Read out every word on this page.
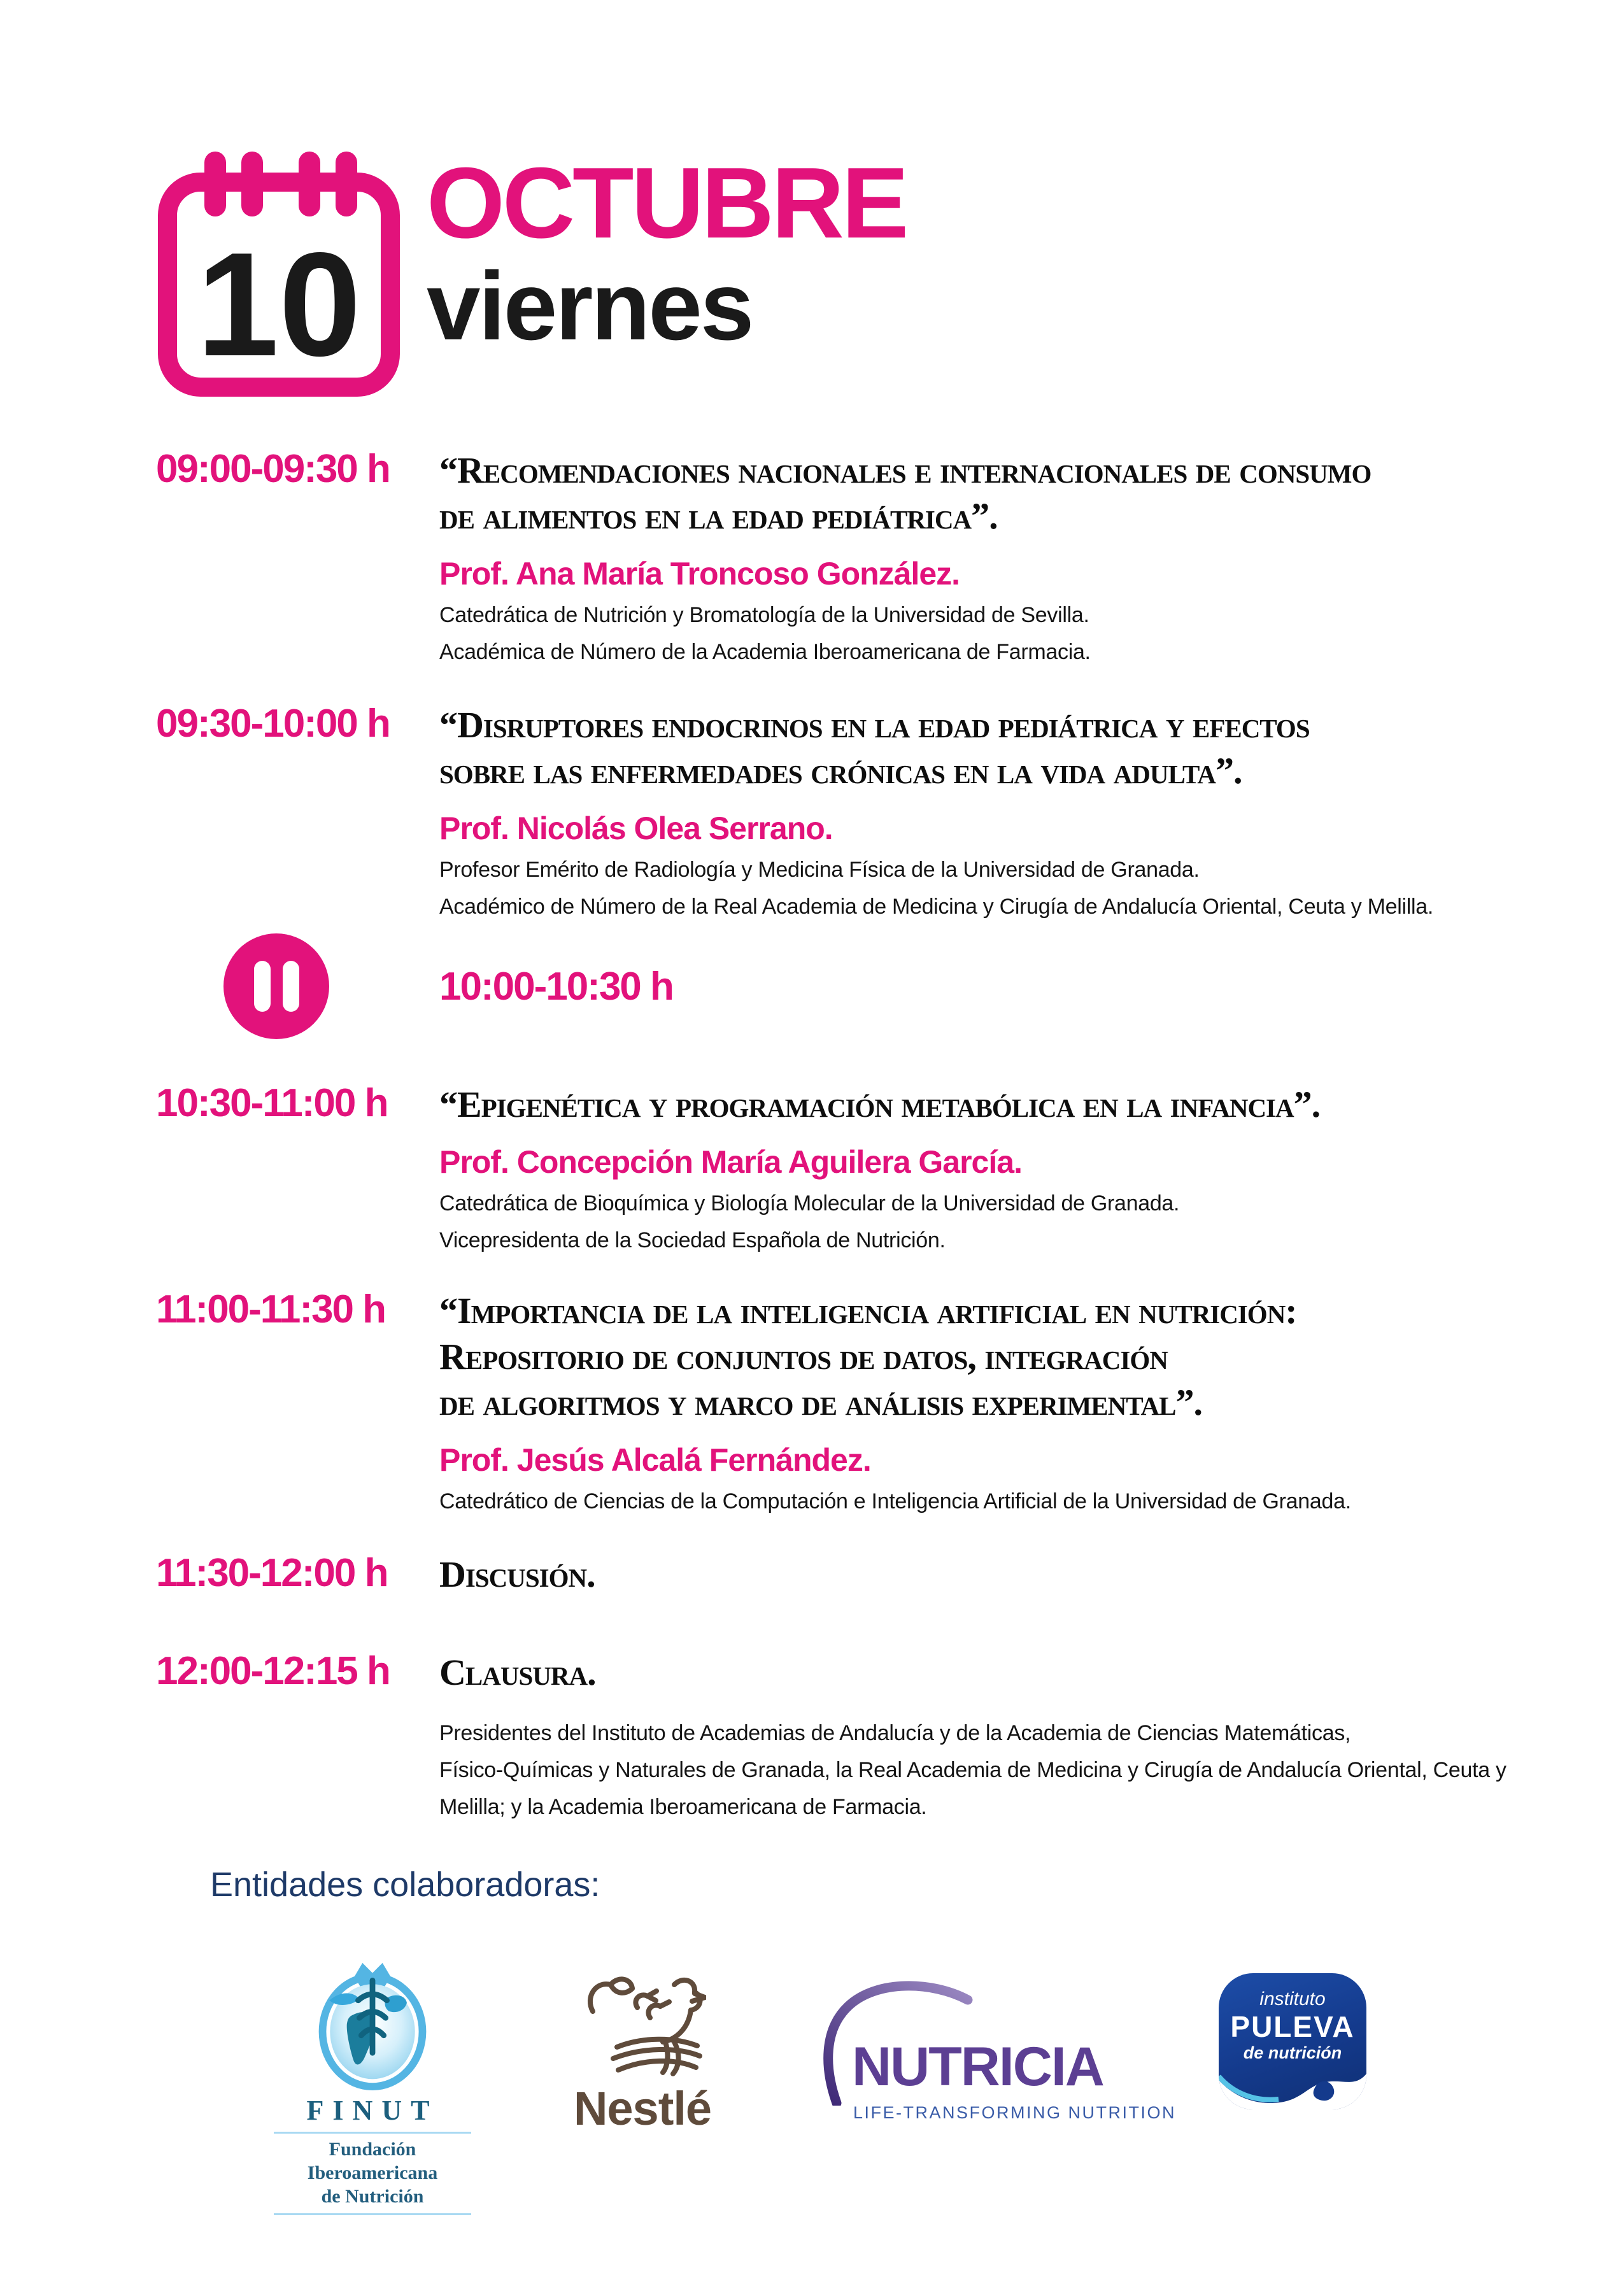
10
OCTUBRE
viernes
09:00-09:30 h	“Recomendaciones nacionales e internacionales de consumo
de alimentos en la edad pediátrica”.
Prof. Ana María Troncoso González.
Catedrática de Nutrición y Bromatología de la Universidad de Sevilla.
Académica de Número de la Academia Iberoamericana de Farmacia.
09:30-10:00 h	“Disruptores endocrinos en la edad pediátrica y efectos
sobre las enfermedades crónicas en la vida adulta”.
Prof. Nicolás Olea Serrano.
Profesor Emérito de Radiología y Medicina Física de la Universidad de Granada.
Académico de Número de la Real Academia de Medicina y Cirugía de Andalucía Oriental, Ceuta y Melilla.
10:00-10:30 h
10:30-11:00 h	“Epigenética y programación metabólica en la infancia”.
Prof. Concepción María Aguilera García.
Catedrática de Bioquímica y Biología Molecular de la Universidad de Granada.
Vicepresidenta de la Sociedad Española de Nutrición.
11:00-11:30 h	“Importancia de la inteligencia artificial en nutrición:
Repositorio de conjuntos de datos, integración
de algoritmos y marco de análisis experimental”.
Prof. Jesús Alcalá Fernández.
Catedrático de Ciencias de la Computación e Inteligencia Artificial de la Universidad de Granada.
11:30-12:00 h	Discusión.
12:00-12:15 h	Clausura.
Presidentes del Instituto de Academias de Andalucía y de la Academia de Ciencias Matemáticas,
Físico-Químicas y Naturales de Granada, la Real Academia de Medicina y Cirugía de Andalucía Oriental, Ceuta y
Melilla; y la Academia Iberoamericana de Farmacia.
Entidades colaboradoras:
FINUT
Fundación Iberoamericana
de Nutrición
Nestlé
NUTRICIA
LIFE-TRANSFORMING NUTRITION
instituto
PULEVA
de nutrición
